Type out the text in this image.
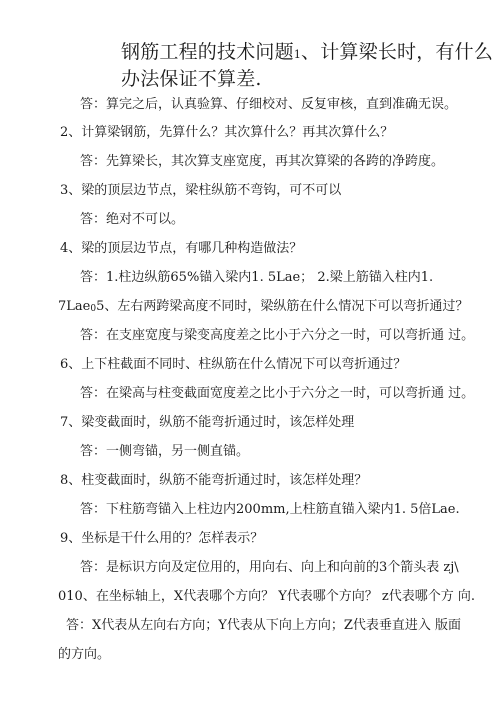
钢筋工程的技术问题1、计算梁长时，有什么
办法保证不算差.
答：算完之后，认真验算、仔细校对、反复审核，直到准确无误。
2、计算梁钢筋，先算什么？其次算什么？再其次算什么？
答：先算梁长，其次算支座宽度，再其次算梁的各跨的净跨度。
3、梁的顶层边节点，梁柱纵筋不弯钩，可不可以
答：绝对不可以。
4、梁的顶层边节点，有哪几种构造做法？
答：1.柱边纵筋65%锚入梁内1. 5Lae； 2.梁上筋锚入柱内1.
7Lae05、左右两跨梁高度不同时，梁纵筋在什么情况下可以弯折通过？
答：在支座宽度与梁变高度差之比小于六分之一时，可以弯折通 过。
6、上下柱截面不同时、柱纵筋在什么情况下可以弯折通过？
答：在梁高与柱变截面宽度差之比小于六分之一时，可以弯折通 过。
7、梁变截面时，纵筋不能弯折通过时，该怎样处理
答：一侧弯锚，另一侧直锚。
8、柱变截面时，纵筋不能弯折通过时，该怎样处理？
答：下柱筋弯锚入上柱边内200mm,上柱筋直锚入梁内1. 5倍Lae.
9、坐标是干什么用的？怎样表示？
答：是标识方向及定位用的，用向右、向上和向前的3个箭头表 zj\
010、在坐标轴上，X代表哪个方向？ Y代表哪个方向？ z代表哪个方 向.
答：X代表从左向右方向；Y代表从下向上方向；Z代表垂直进入 版面
的方向。
